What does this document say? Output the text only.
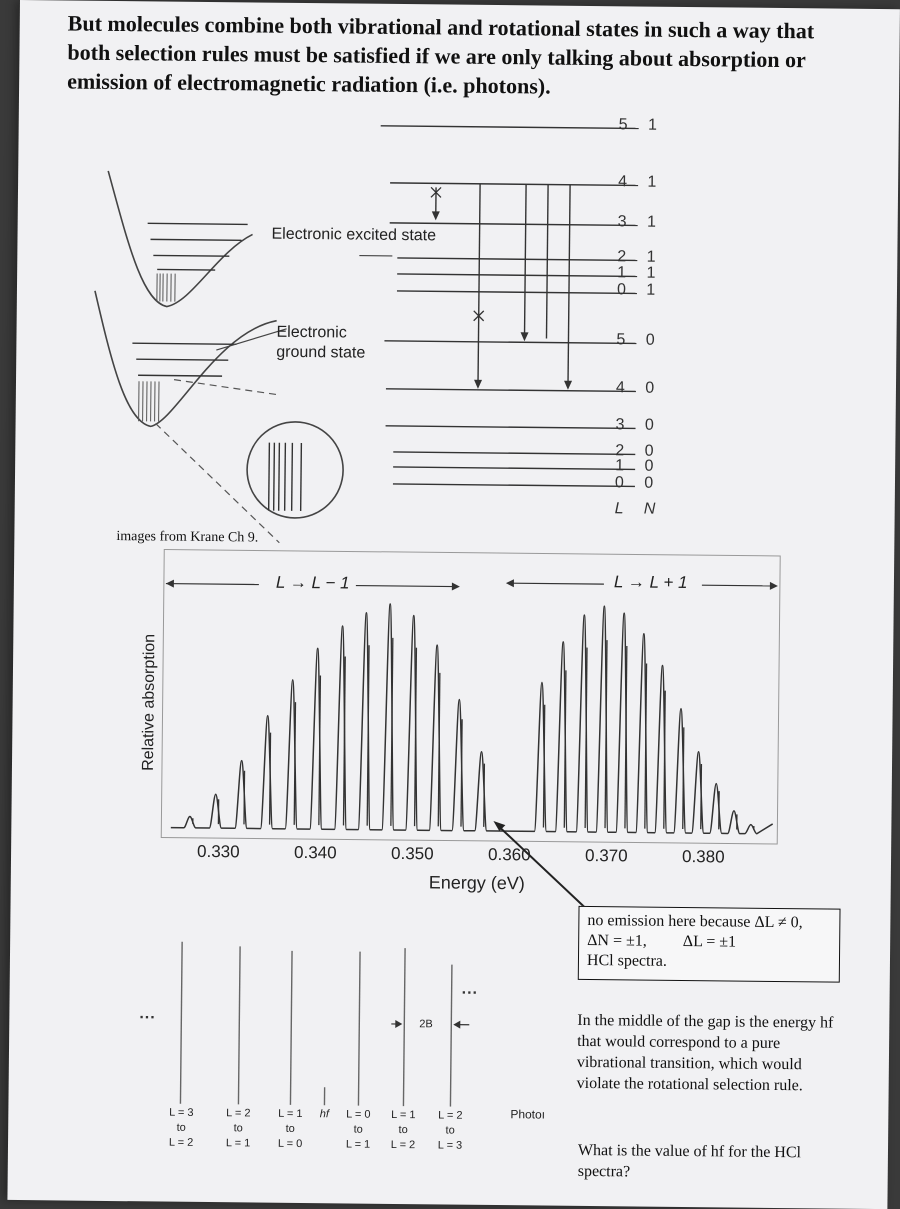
But molecules combine both vibrational and rotational states in such a way that both selection rules must be satisfied if we are only talking about absorption or emission of electromagnetic radiation (i.e. photons).
Electronic excited state
Electronic ground state
5 1
4 1
3 1
2 1
1 1
0 1
5 0
4 0
3 0
2 0
1 0
0 0
L N
images from Krane Ch 9.
Relative absorption
L → L − 1	L → L + 1
0.330	0.340	0.350	0.360	0.370	0.380
Energy (eV)
...
...
2B
L = 3
to
L = 2
L = 2
to
L = 1
L = 1
to
L = 0
hf	L = 0
to
L = 1
L = 1
to
L = 2
L = 2
to
L = 3
Photoı
no emission here because ΔL ≠ 0,
ΔN = ±1, ΔL = ±1
HCl spectra.
In the middle of the gap is the energy hf that would correspond to a pure vibrational transition, which would violate the rotational selection rule.
What is the value of hf for the HCl spectra?
